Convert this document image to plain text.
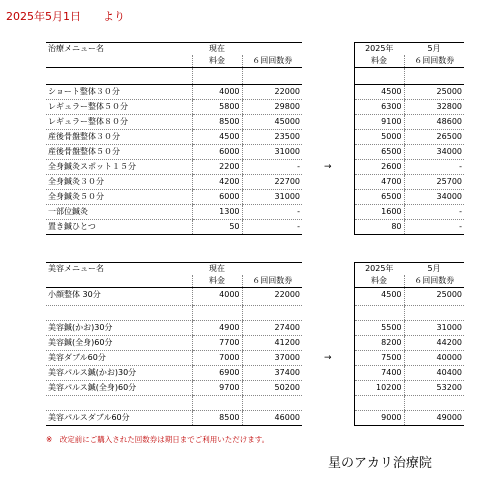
2025年5月1日 より
治療メニュー名	現在			2025年	5月
	料金	６回回数券		料金	６回回数券

ショート整体３０分	4000	22000		4500	25000
レギュラー整体５０分	5800	29800		6300	32800
レギュラー整体８０分	8500	45000		9100	48600
産後骨盤整体３０分	4500	23500		5000	26500
産後骨盤整体５０分	6000	31000		6500	34000
全身鍼灸スポット１５分	2200	-	→	2600	-
全身鍼灸３０分	4200	22700		4700	25700
全身鍼灸５０分	6000	31000		6500	34000
一部位鍼灸	1300	-		1600	-
置き鍼ひとつ	50	-		80	-
美容メニュー名	現在			2025年	5月
	料金	６回回数券		料金	６回回数券
小顔整体 30分	4000	22000		4500	25000

美容鍼(かお)30分	4900	27400		5500	31000
美容鍼(全身)60分	7700	41200		8200	44200
美容ダブル60分	7000	37000	→	7500	40000
美容パルス鍼(かお)30分	6900	37400		7400	40400
美容パルス鍼(全身)60分	9700	50200		10200	53200

美容パルスダブル60分	8500	46000		9000	49000
※　改定前にご購入された回数券は期日までご利用いただけます。
星のアカリ治療院
